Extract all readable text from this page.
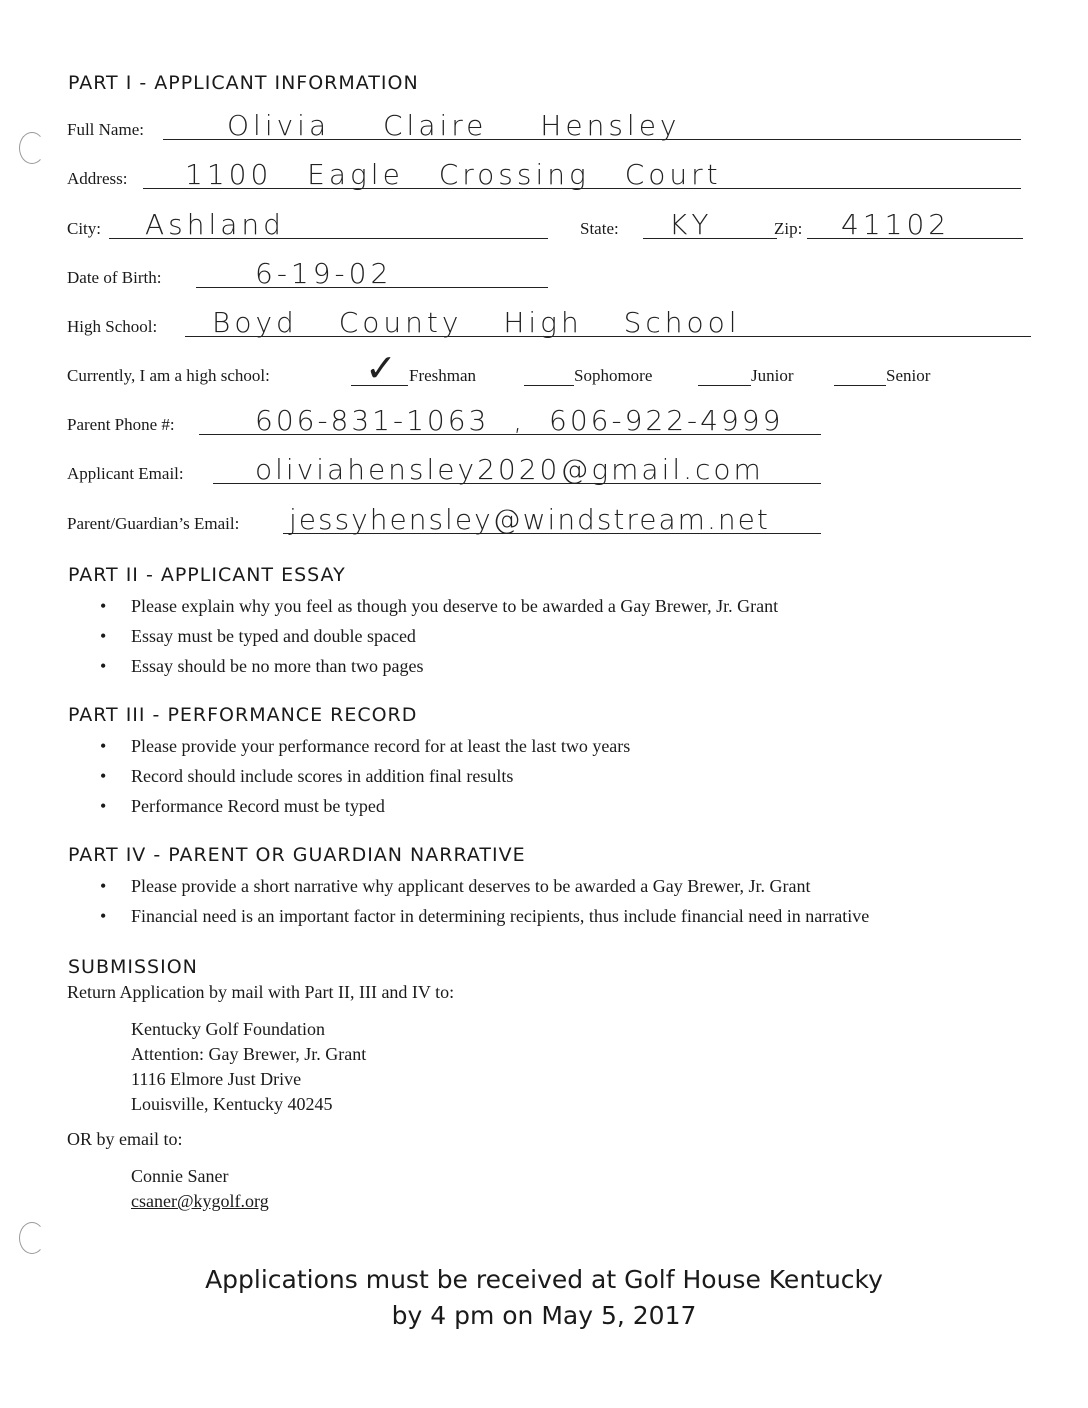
PART I - APPLICANT INFORMATION
Full Name:	Olivia Claire Hensley
Address: 1100 Eagle Crossing Court
City: Ashland	State: KY	Zip: 41102
Date of Birth:	6-19-02
High School: Boyd County High School
Currently, I am a high school:	✓ Freshman	Sophomore	Junior	Senior
Parent Phone #:	606-831-1063 , 606-922-4999
Applicant Email:	oliviahensley2020@gmail.com
Parent/Guardian’s Email: jessyhensley@windstream.net
PART II - APPLICANT ESSAY
• Please explain why you feel as though you deserve to be awarded a Gay Brewer, Jr. Grant
• Essay must be typed and double spaced
• Essay should be no more than two pages
PART III - PERFORMANCE RECORD
• Please provide your performance record for at least the last two years
• Record should include scores in addition final results
• Performance Record must be typed
PART IV - PARENT OR GUARDIAN NARRATIVE
• Please provide a short narrative why applicant deserves to be awarded a Gay Brewer, Jr. Grant
• Financial need is an important factor in determining recipients, thus include financial need in narrative
SUBMISSION
Return Application by mail with Part II, III and IV to:
Kentucky Golf Foundation
Attention: Gay Brewer, Jr. Grant
1116 Elmore Just Drive
Louisville, Kentucky 40245
OR by email to:
Connie Saner
csaner@kygolf.org
Applications must be received at Golf House Kentucky
by 4 pm on May 5, 2017
